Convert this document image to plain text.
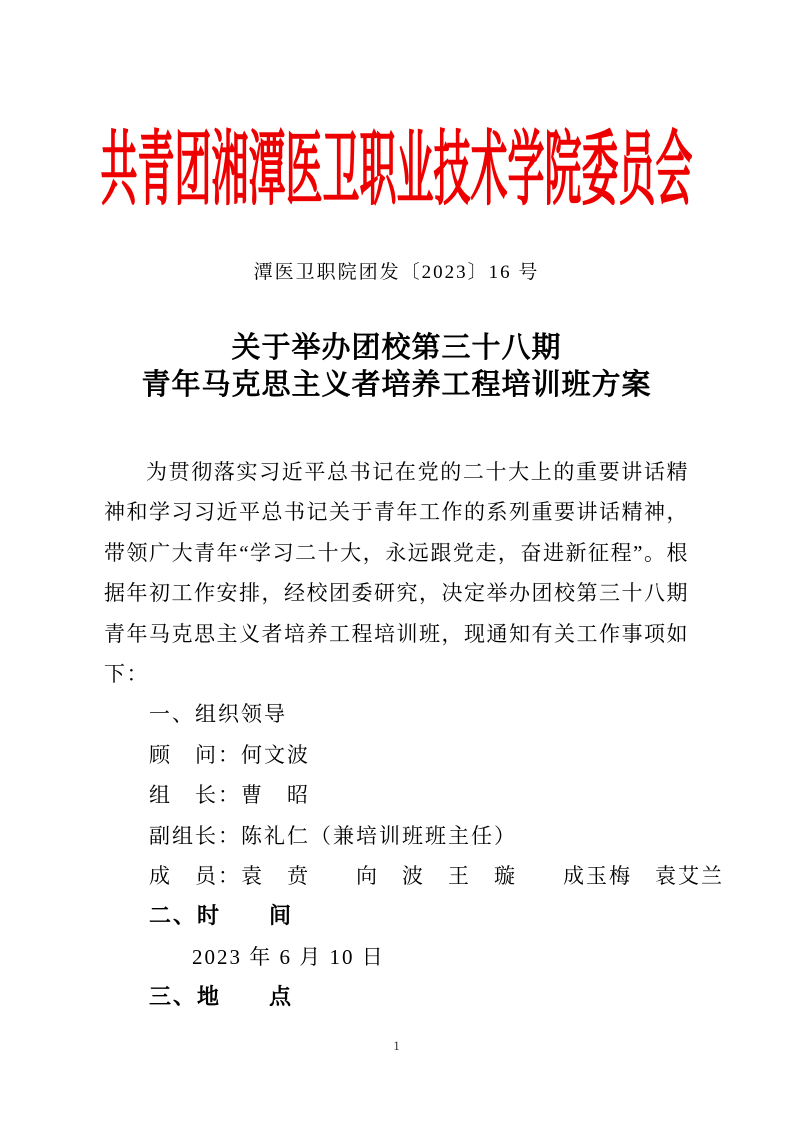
共青团湘潭医卫职业技术学院委员会
潭医卫职院团发〔2023〕16 号
关于举办团校第三十八期
青年马克思主义者培养工程培训班方案

为贯彻落实习近平总书记在党的二十大上的重要讲话精神和学习习近平总书记关于青年工作的系列重要讲话精神，带领广大青年“学习二十大，永远跟党走，奋进新征程”。根据年初工作安排，经校团委研究，决定举办团校第三十八期青年马克思主义者培养工程培训班，现通知有关工作事项如下：

一、组织领导

顾　问：何文波

组　长：曹　昭

副组长：陈礼仁（兼培训班班主任）

成　员：袁　贲　　向　波　王　璇　　成玉梅　袁艾兰

二、时　　间

2023 年 6 月 10 日

三、地　　点

1
